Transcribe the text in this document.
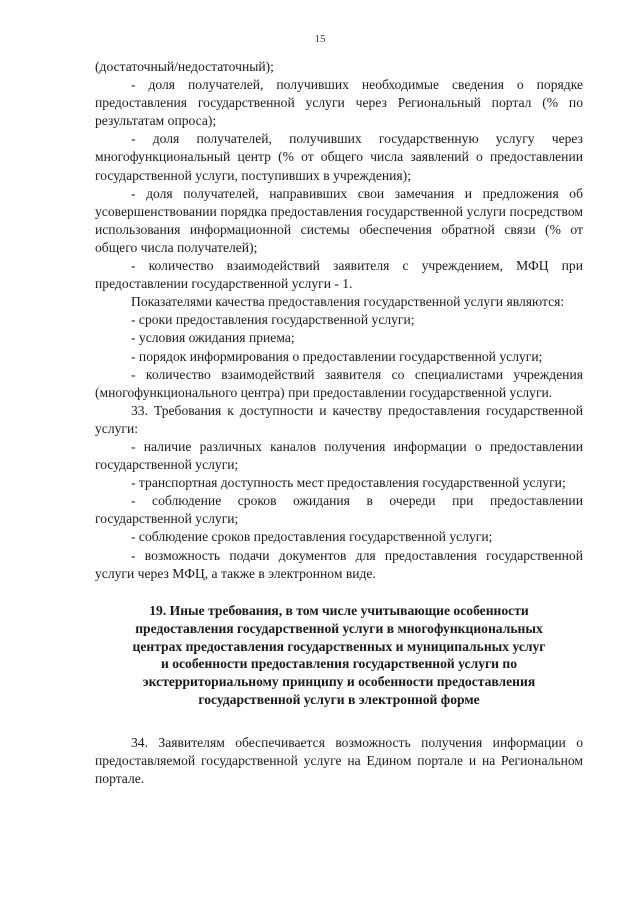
15

(достаточный/недостаточный);

- доля получателей, получивших необходимые сведения о порядке предоставления государственной услуги через Региональный портал (% по результатам опроса);

- доля получателей, получивших государственную услугу через многофункциональный центр (% от общего числа заявлений о предоставлении государственной услуги, поступивших в учреждения);

- доля получателей, направивших свои замечания и предложения об усовершенствовании порядка предоставления государственной услуги посредством использования информационной системы обеспечения обратной связи (% от общего числа получателей);

- количество взаимодействий заявителя с учреждением, МФЦ при предоставлении государственной услуги - 1.

Показателями качества предоставления государственной услуги являются:

- сроки предоставления государственной услуги;

- условия ожидания приема;

- порядок информирования о предоставлении государственной услуги;

- количество взаимодействий заявителя со специалистами учреждения (многофункционального центра) при предоставлении государственной услуги.

33. Требования к доступности и качеству предоставления государственной услуги:

- наличие различных каналов получения информации о предоставлении государственной услуги;

- транспортная доступность мест предоставления государственной услуги;

- соблюдение сроков ожидания в очереди при предоставлении государственной услуги;

- соблюдение сроков предоставления государственной услуги;

- возможность подачи документов для предоставления государственной услуги через МФЦ, а также в электронном виде.

19. Иные требования, в том числе учитывающие особенности
предоставления государственной услуги в многофункциональных
центрах предоставления государственных и муниципальных услуг
и особенности предоставления государственной услуги по
экстерриториальному принципу и особенности предоставления
государственной услуги в электронной форме

34. Заявителям обеспечивается возможность получения информации о предоставляемой государственной услуге на Едином портале и на Региональном портале.
